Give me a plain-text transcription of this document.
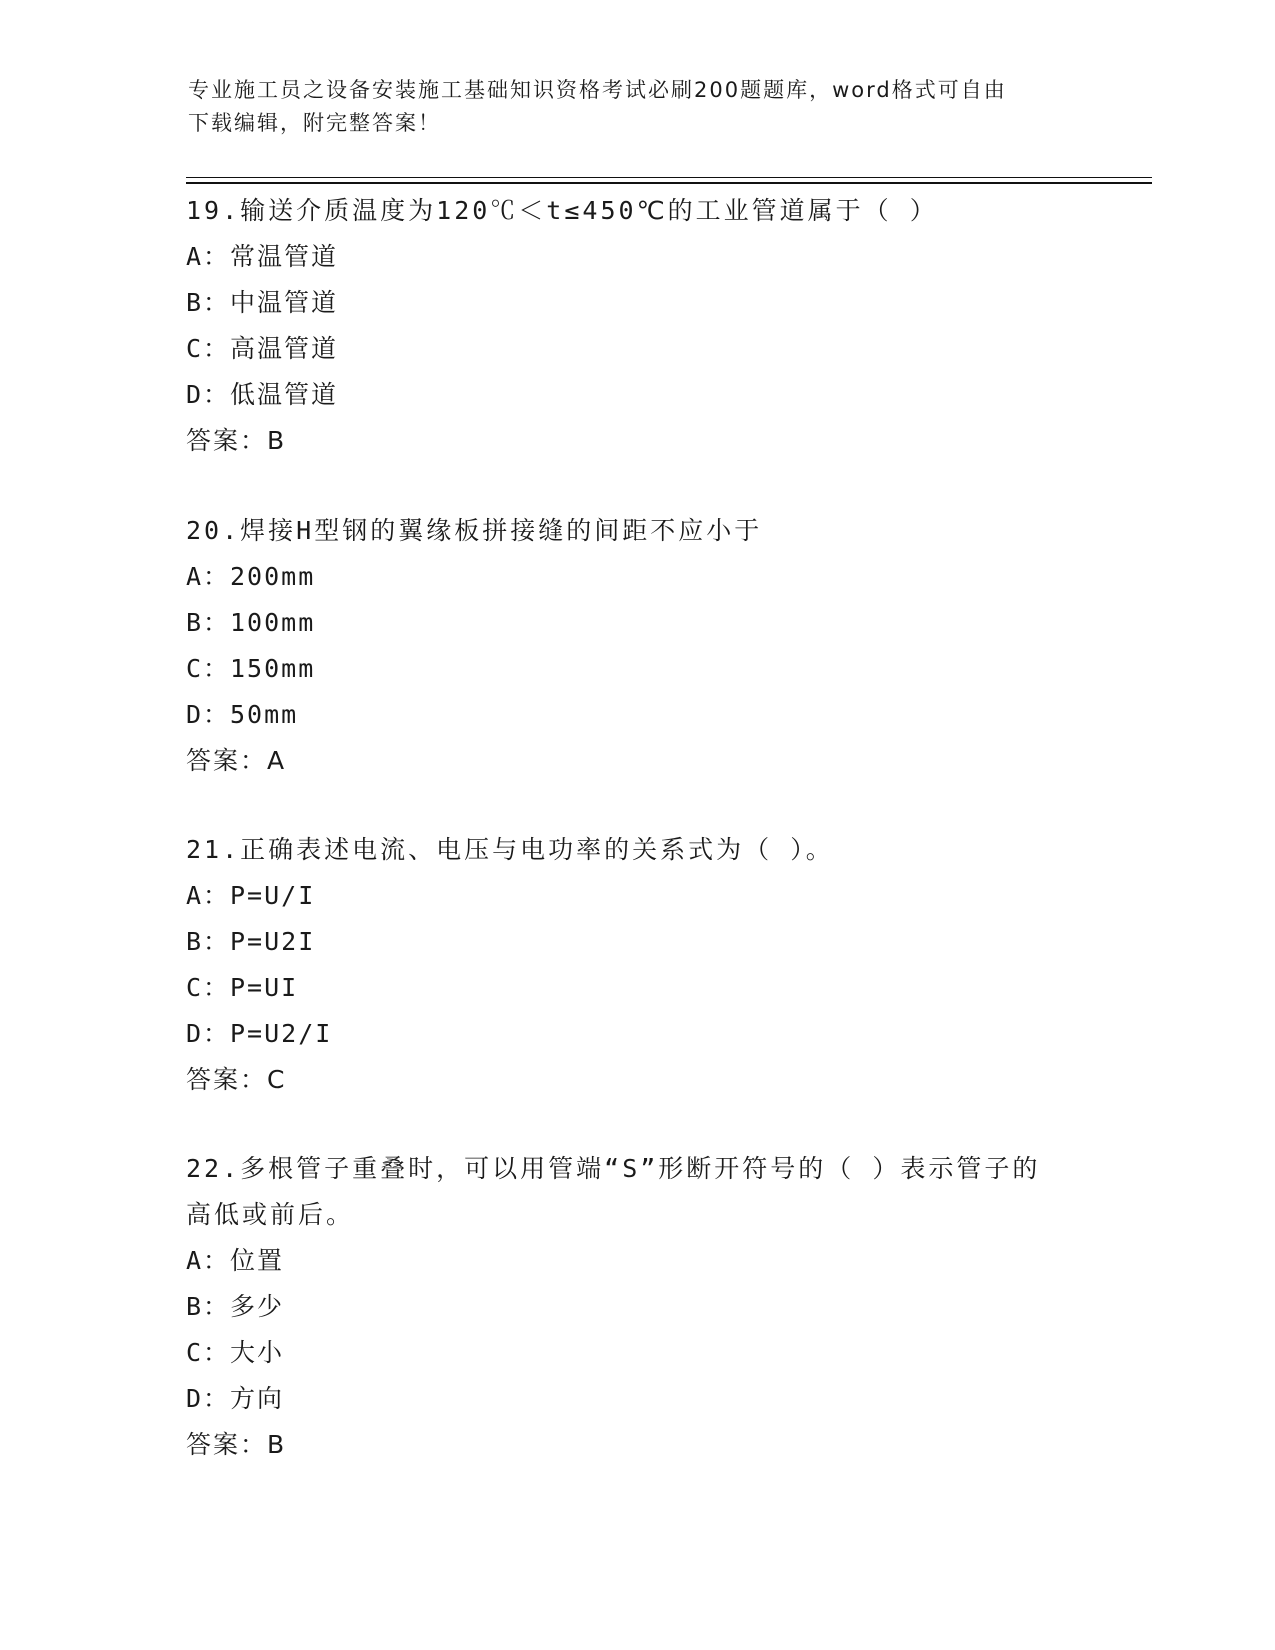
专业施工员之设备安装施工基础知识资格考试必刷200题题库，word格式可自由
下载编辑，附完整答案！

19.输送介质温度为120℃＜t≤450℃的工业管道属于（ ）

A：常温管道

B：中温管道

C：高温管道

D：低温管道

答案：B

20.焊接H型钢的翼缘板拼接缝的间距不应小于

A：200mm

B：100mm

C：150mm

D：50mm

答案：A

21.正确表述电流、电压与电功率的关系式为（ ）。

A：P=U/I

B：P=U2I

C：P=UI

D：P=U2/I

答案：C

22.多根管子重叠时，可以用管端“S”形断开符号的（ ）表示管子的

高低或前后。

A：位置

B：多少

C：大小

D：方向

答案：B
